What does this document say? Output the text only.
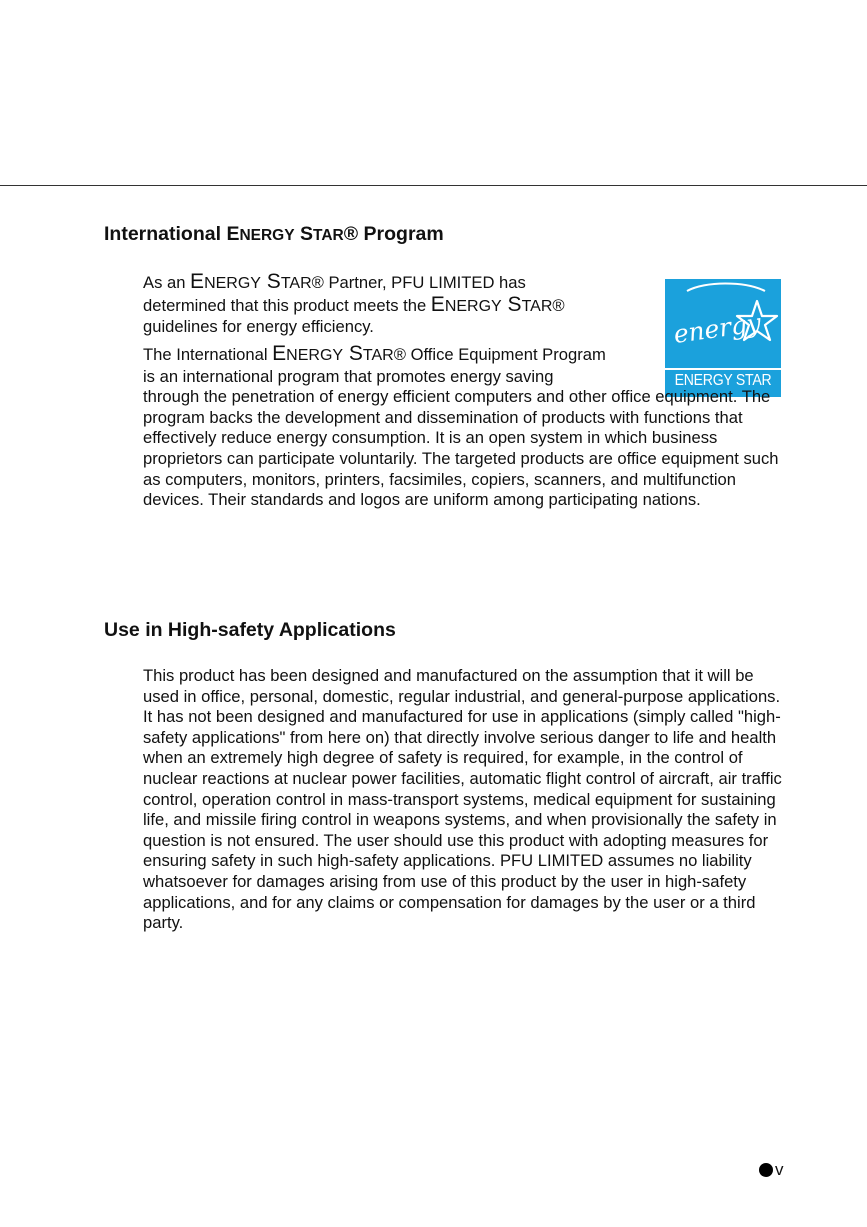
International ENERGY STAR® Program
energy
ENERGY STAR

As an ENERGY STAR® Partner, PFU LIMITED has determined that this product meets the ENERGY STAR® guidelines for energy efficiency.

The International ENERGY STAR® Office Equipment Program is an international program that promotes energy saving through the penetration of energy efficient computers and other office equipment. The program backs the development and dissemination of products with functions that effectively reduce energy consumption. It is an open system in which business proprietors can participate voluntarily. The targeted products are office equipment such as computers, monitors, printers, facsimiles, copiers, scanners, and multifunction devices. Their standards and logos are uniform among participating nations.

Use in High-safety Applications

This product has been designed and manufactured on the assumption that it will be used in office, personal, domestic, regular industrial, and general-purpose applications. It has not been designed and manufactured for use in applications (simply called "high-safety applications" from here on) that directly involve serious danger to life and health when an extremely high degree of safety is required, for example, in the control of nuclear reactions at nuclear power facilities, automatic flight control of aircraft, air traffic control, operation control in mass-transport systems, medical equipment for sustaining life, and missile firing control in weapons systems, and when provisionally the safety in question is not ensured. The user should use this product with adopting measures for ensuring safety in such high-safety applications. PFU LIMITED assumes no liability whatsoever for damages arising from use of this product by the user in high-safety applications, and for any claims or compensation for damages by the user or a third party.

v
